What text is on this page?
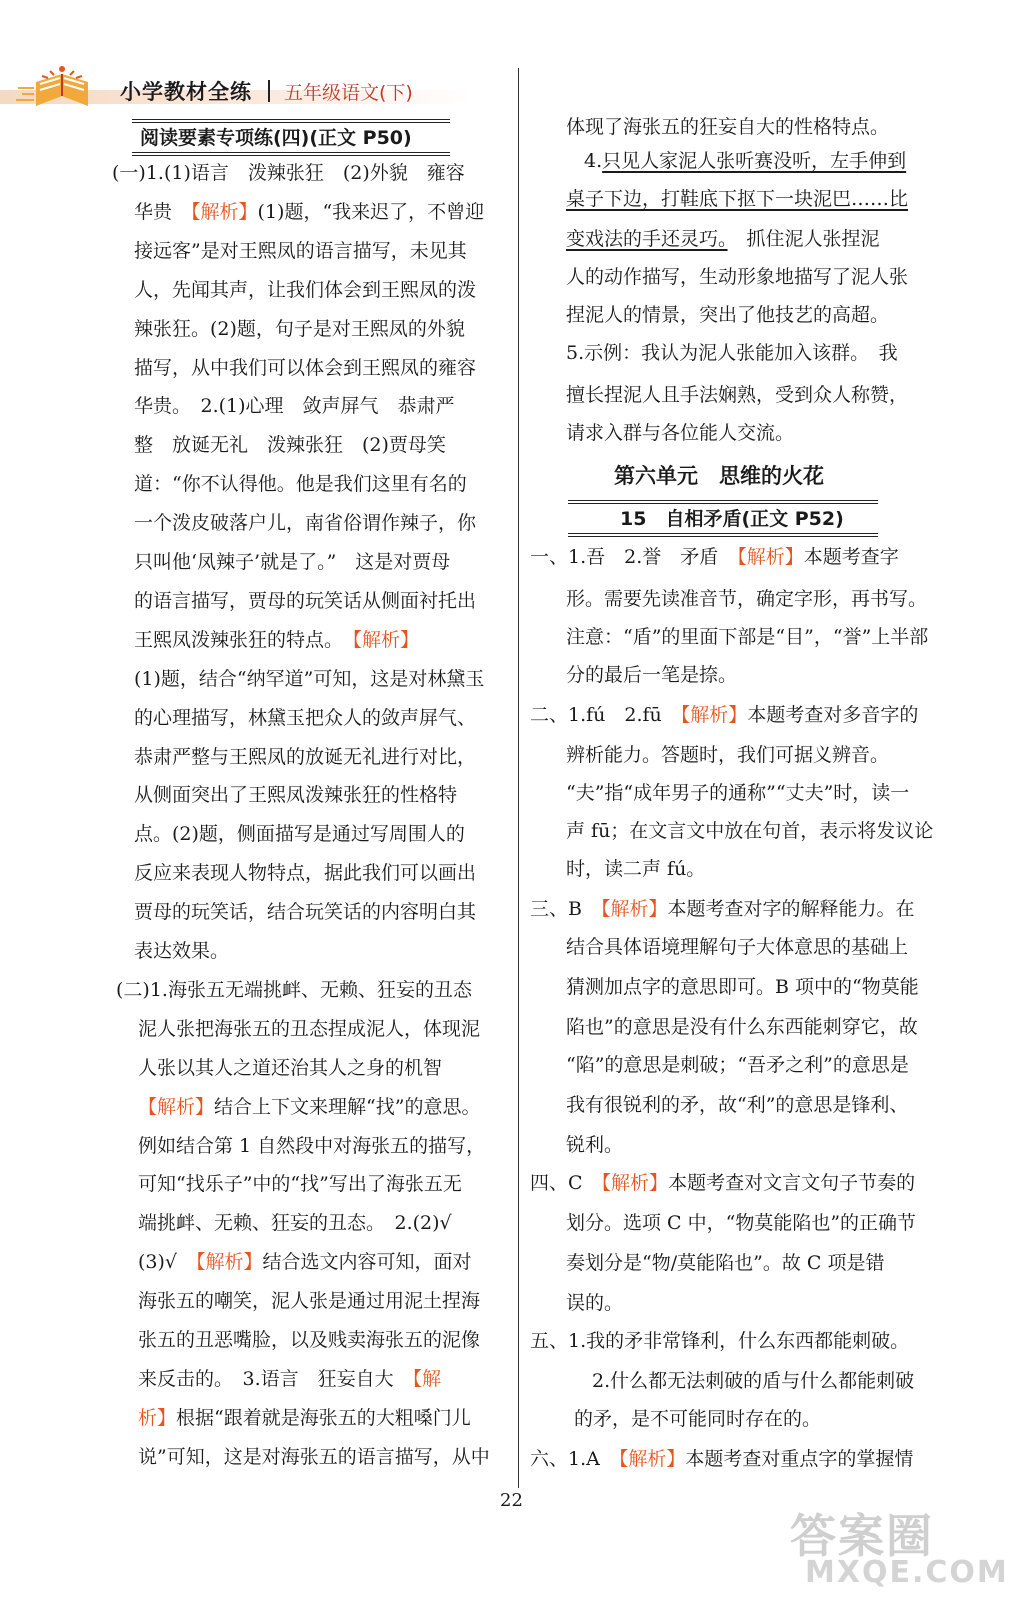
小学教材全练 五年级语文(下)
阅读要素专项练(四)(正文 P50)
(一)1.(1)语言　泼辣张狂　(2)外貌　雍容
华贵　【解析】(1)题，“我来迟了，不曾迎
接远客”是对王熙凤的语言描写，未见其
人，先闻其声，让我们体会到王熙凤的泼
辣张狂。(2)题，句子是对王熙凤的外貌
描写，从中我们可以体会到王熙凤的雍容
华贵。　2.(1)心理　敛声屏气　恭肃严
整　放诞无礼　泼辣张狂　(2)贾母笑
道：“你不认得他。他是我们这里有名的
一个泼皮破落户儿，南省俗谓作辣子，你
只叫他‘凤辣子’就是了。”　这是对贾母
的语言描写，贾母的玩笑话从侧面衬托出
王熙凤泼辣张狂的特点。　【解析】
(1)题，结合“纳罕道”可知，这是对林黛玉
的心理描写，林黛玉把众人的敛声屏气、
恭肃严整与王熙凤的放诞无礼进行对比，
从侧面突出了王熙凤泼辣张狂的性格特
点。(2)题，侧面描写是通过写周围人的
反应来表现人物特点，据此我们可以画出
贾母的玩笑话，结合玩笑话的内容明白其
表达效果。
(二)1.海张五无端挑衅、无赖、狂妄的丑态
泥人张把海张五的丑态捏成泥人，体现泥
人张以其人之道还治其人之身的机智
【解析】结合上下文来理解“找”的意思。
例如结合第 1 自然段中对海张五的描写，
可知“找乐子”中的“找”写出了海张五无
端挑衅、无赖、狂妄的丑态。　2.(2)√
(3)√　【解析】结合选文内容可知，面对
海张五的嘲笑，泥人张是通过用泥土捏海
张五的丑恶嘴脸，以及贱卖海张五的泥像
来反击的。　3.语言　狂妄自大　【解
析】根据“跟着就是海张五的大粗嗓门儿
说”可知，这是对海张五的语言描写，从中
第六单元　思维的火花
15　自相矛盾(正文 P52)
体现了海张五的狂妄自大的性格特点。
4.只见人家泥人张听赛没听，左手伸到
桌子下边，打鞋底下抠下一块泥巴……比
变戏法的手还灵巧。　抓住泥人张捏泥
人的动作描写，生动形象地描写了泥人张
捏泥人的情景，突出了他技艺的高超。
5.示例：我认为泥人张能加入该群。　我
擅长捏泥人且手法娴熟，受到众人称赞，
请求入群与各位能人交流。
一、1.吾　2.誉　矛盾　【解析】本题考查字
形。需要先读准音节，确定字形，再书写。
注意：“盾”的里面下部是“目”，“誉”上半部
分的最后一笔是捺。
二、1.fú　2.fū　【解析】本题考查对多音字的
辨析能力。答题时，我们可据义辨音。
“夫”指“成年男子的通称”“丈夫”时，读一
声 fū；在文言文中放在句首，表示将发议论
时，读二声 fú。
三、B　【解析】本题考查对字的解释能力。在
结合具体语境理解句子大体意思的基础上
猜测加点字的意思即可。B 项中的“物莫能
陷也”的意思是没有什么东西能刺穿它，故
“陷”的意思是刺破；“吾矛之利”的意思是
我有很锐利的矛，故“利”的意思是锋利、
锐利。
四、C　【解析】本题考查对文言文句子节奏的
划分。选项 C 中，“物莫能陷也”的正确节
奏划分是“物/莫能陷也”。故 C 项是错
误的。
五、1.我的矛非常锋利，什么东西都能刺破。
2.什么都无法刺破的盾与什么都能刺破
的矛，是不可能同时存在的。
六、1.A　【解析】本题考查对重点字的掌握情
22
答案圈
MXQE.COM
